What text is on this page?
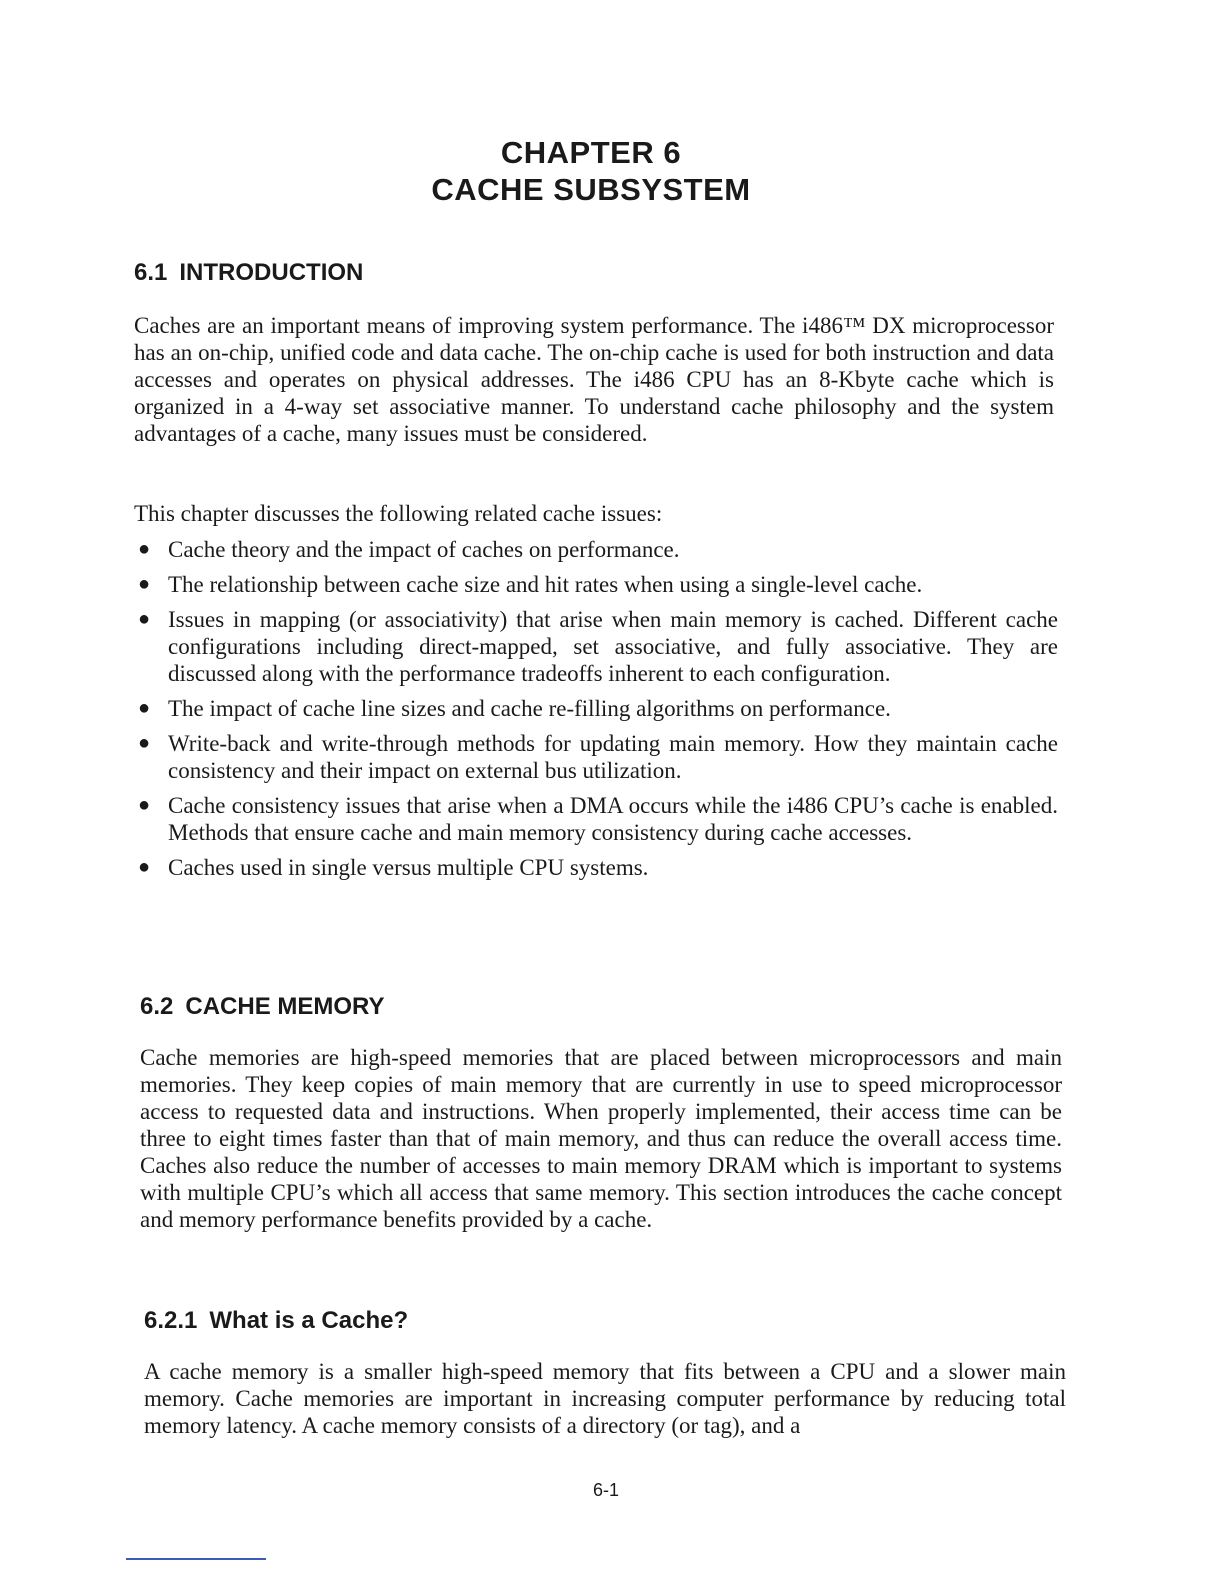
CHAPTER 6
CACHE SUBSYSTEM
6.1 INTRODUCTION

Caches are an important means of improving system performance. The i486™ DX microprocessor has an on-chip, unified code and data cache. The on-chip cache is used for both instruction and data accesses and operates on physical addresses. The i486 CPU has an 8-Kbyte cache which is organized in a 4-way set associative manner. To understand cache philosophy and the system advantages of a cache, many issues must be considered.

This chapter discusses the following related cache issues:

● Cache theory and the impact of caches on performance.
● The relationship between cache size and hit rates when using a single-level cache.
● Issues in mapping (or associativity) that arise when main memory is cached. Different cache configurations including direct-mapped, set associative, and fully associative. They are discussed along with the performance tradeoffs inherent to each configuration.
● The impact of cache line sizes and cache re-filling algorithms on performance.
● Write-back and write-through methods for updating main memory. How they maintain cache consistency and their impact on external bus utilization.
● Cache consistency issues that arise when a DMA occurs while the i486 CPU’s cache is enabled. Methods that ensure cache and main memory consistency during cache accesses.
● Caches used in single versus multiple CPU systems.
6.2 CACHE MEMORY

Cache memories are high-speed memories that are placed between microprocessors and main memories. They keep copies of main memory that are currently in use to speed microprocessor access to requested data and instructions. When properly implemented, their access time can be three to eight times faster than that of main memory, and thus can reduce the overall access time. Caches also reduce the number of accesses to main memory DRAM which is important to systems with multiple CPU’s which all access that same memory. This section introduces the cache concept and memory performance benefits provided by a cache.

6.2.1 What is a Cache?

A cache memory is a smaller high-speed memory that fits between a CPU and a slower main memory. Cache memories are important in increasing computer performance by reducing total memory latency. A cache memory consists of a directory (or tag), and a

6-1
